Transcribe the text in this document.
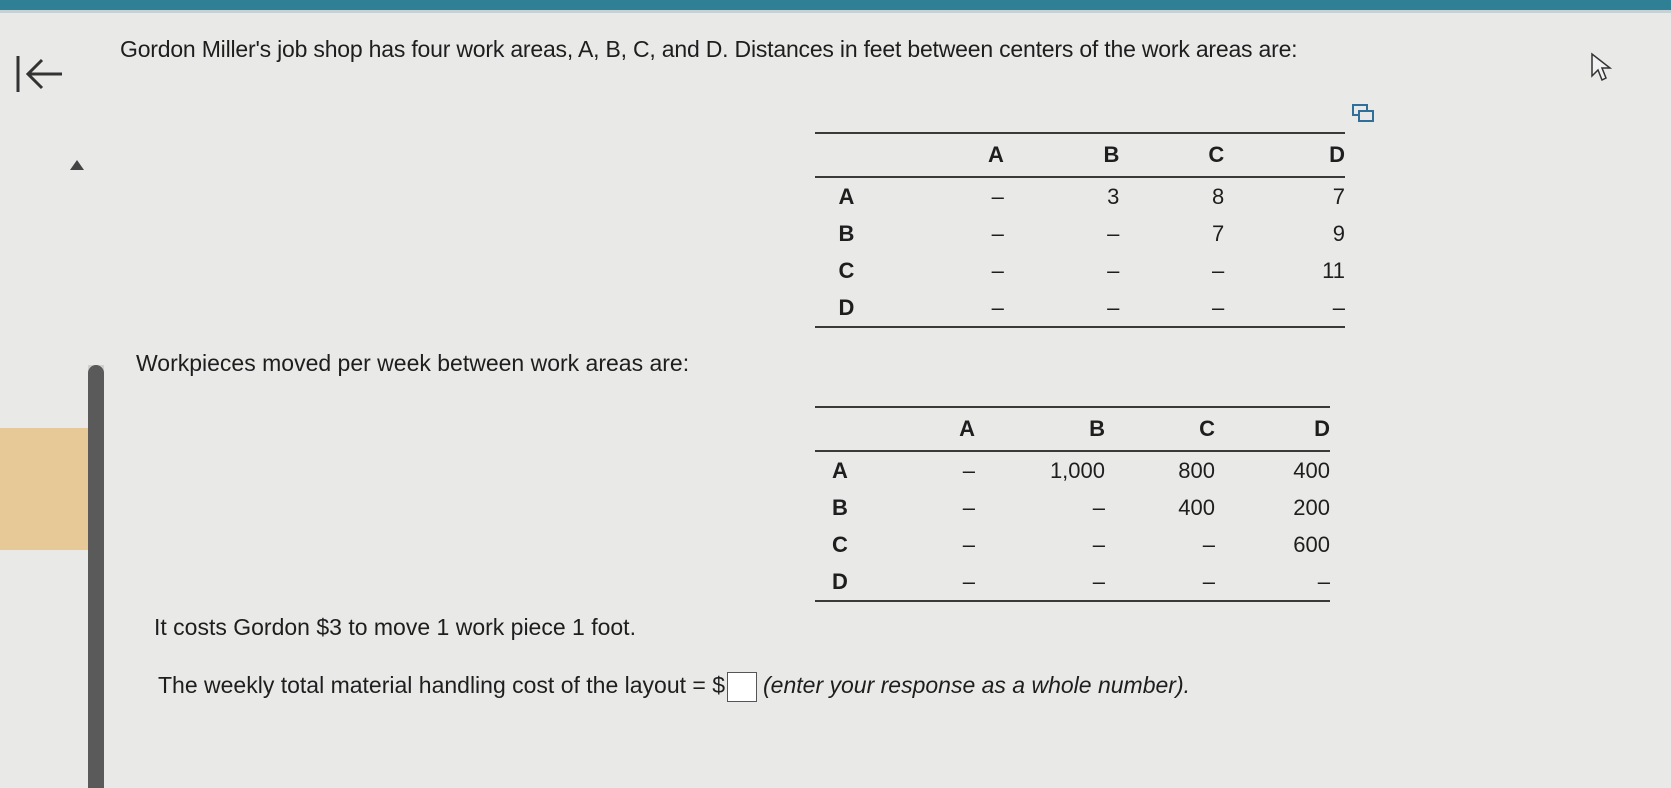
Gordon Miller's job shop has four work areas, A, B, C, and D. Distances in feet between centers of the work areas are:
	A	B	C	D
A	–	3	8	7
B	–	–	7	9
C	–	–	–	11
D	–	–	–	–
Workpieces moved per week between work areas are:
	A	B	C	D
A	–	1,000	800	400
B	–	–	400	200
C	–	–	–	600
D	–	–	–	–
It costs Gordon $3 to move 1 work piece 1 foot.
The weekly total material handling cost of the layout = $ (enter your response as a whole number).
